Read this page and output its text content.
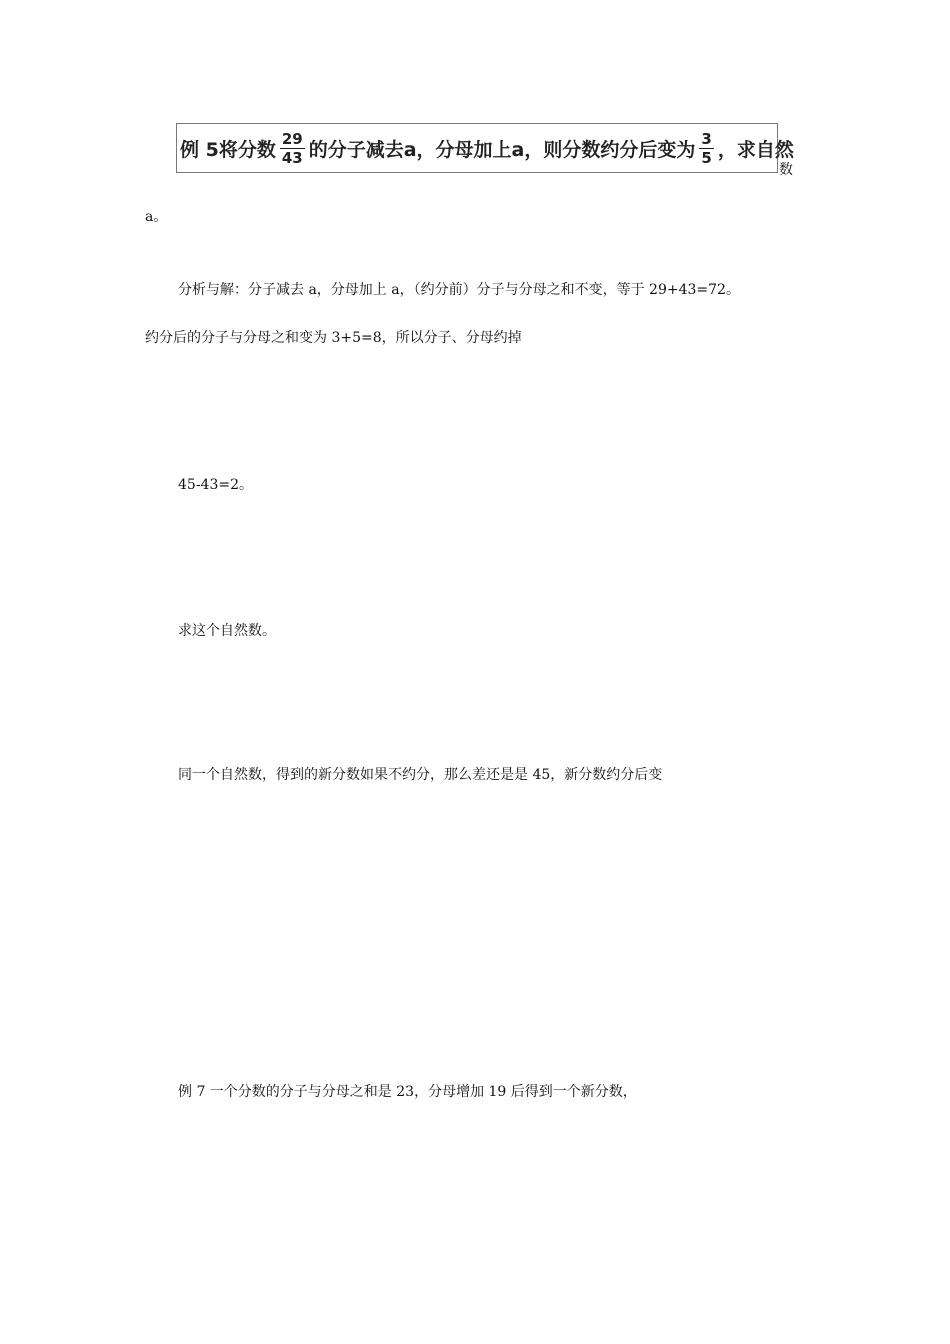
例 5将分数 $\frac{29}{43}$ 的分子减去a，分母加上a，则分数约分后变为 $\frac{3}{5}$ ，求自然
数
a。
分析与解：分子减去 a，分母加上 a，（约分前）分子与分母之和不变，等于 29+43=72。
约分后的分子与分母之和变为 3+5=8，所以分子、分母约掉
45-43=2。
求这个自然数。
同一个自然数，得到的新分数如果不约分，那么差还是是 45，新分数约分后变
例 7 一个分数的分子与分母之和是 23，分母增加 19 后得到一个新分数，
